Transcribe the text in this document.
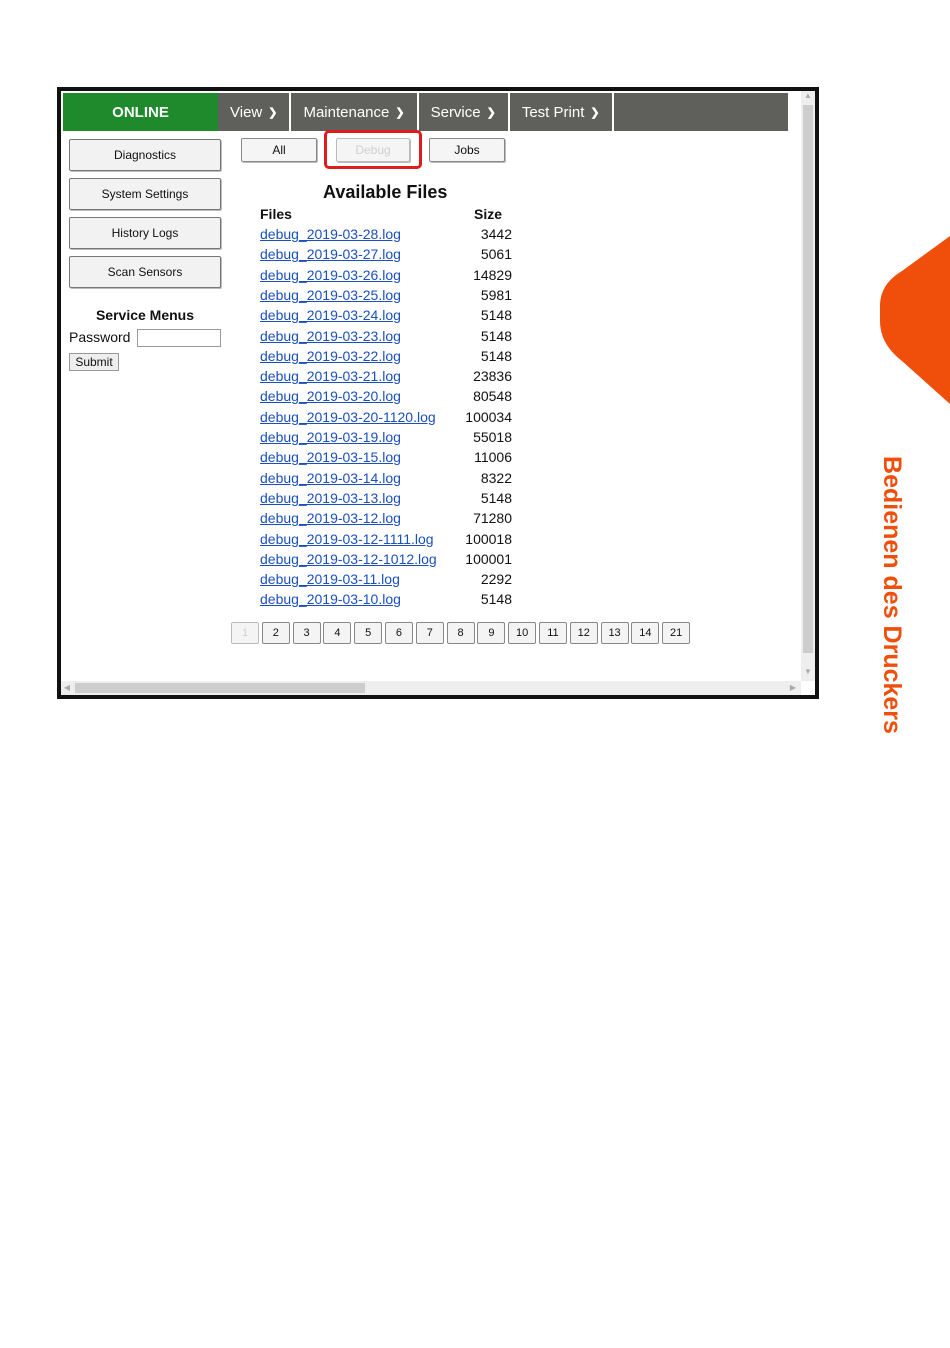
ONLINE	View ❯ Maintenance ❯ Service ❯ Test Print ❯
Diagnostics
System Settings
History Logs
Scan Sensors
Service Menus
Password
Submit
All	Debug	Jobs
Available Files
Files	Size
debug_2019-03-28.log	3442
debug_2019-03-27.log	5061
debug_2019-03-26.log	14829
debug_2019-03-25.log	5981
debug_2019-03-24.log	5148
debug_2019-03-23.log	5148
debug_2019-03-22.log	5148
debug_2019-03-21.log	23836
debug_2019-03-20.log	80548
debug_2019-03-20-1120.log	100034
debug_2019-03-19.log	55018
debug_2019-03-15.log	11006
debug_2019-03-14.log	8322
debug_2019-03-13.log	5148
debug_2019-03-12.log	71280
debug_2019-03-12-1111.log	100018
debug_2019-03-12-1012.log	100001
debug_2019-03-11.log	2292
debug_2019-03-10.log	5148
1	2	3	4	5	6	7	8	9	10	11	12	13	14	21
▲
▼
◀	▶	Bedienen des Druckers
